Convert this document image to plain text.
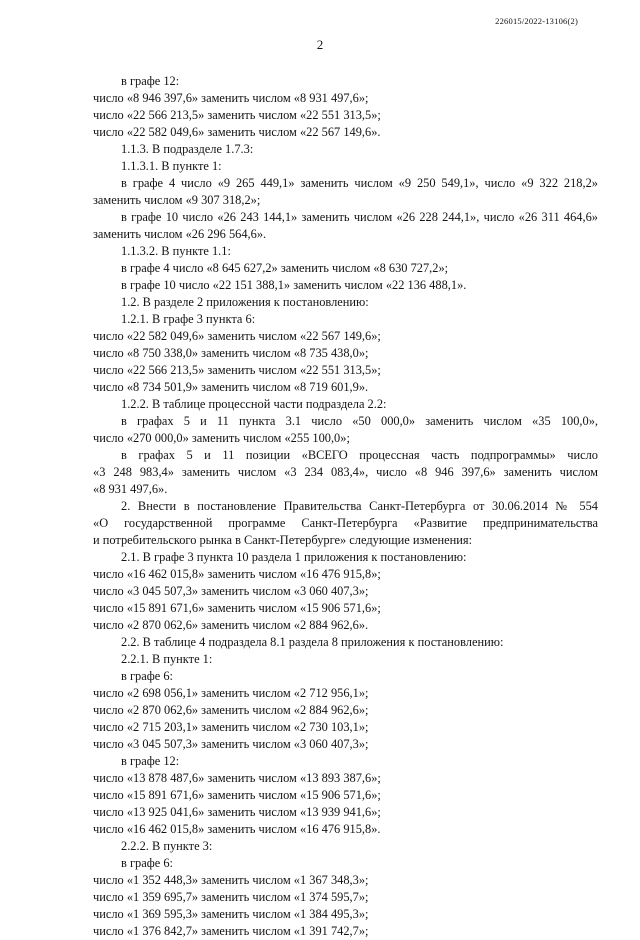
226015/2022-13106(2)
2
в графе 12:
число «8 946 397,6» заменить числом «8 931 497,6»;
число «22 566 213,5» заменить числом «22 551 313,5»;
число «22 582 049,6» заменить числом «22 567 149,6».
1.1.3. В подразделе 1.7.3:
1.1.3.1. В пункте 1:
в графе 4 число «9 265 449,1» заменить числом «9 250 549,1», число «9 322 218,2»
заменить числом «9 307 318,2»;
в графе 10 число «26 243 144,1» заменить числом «26 228 244,1», число «26 311 464,6»
заменить числом «26 296 564,6».
1.1.3.2. В пункте 1.1:
в графе 4 число «8 645 627,2» заменить числом «8 630 727,2»;
в графе 10 число «22 151 388,1» заменить числом «22 136 488,1».
1.2. В разделе 2 приложения к постановлению:
1.2.1. В графе 3 пункта 6:
число «22 582 049,6» заменить числом «22 567 149,6»;
число «8 750 338,0» заменить числом «8 735 438,0»;
число «22 566 213,5» заменить числом «22 551 313,5»;
число «8 734 501,9» заменить числом «8 719 601,9».
1.2.2. В таблице процессной части подраздела 2.2:
в графах 5 и 11 пункта 3.1 число «50 000,0» заменить числом «35 100,0»,
число «270 000,0» заменить числом «255 100,0»;
в графах 5 и 11 позиции «ВСЕГО процессная часть подпрограммы» число
«3 248 983,4» заменить числом «3 234 083,4», число «8 946 397,6» заменить числом
«8 931 497,6».
2. Внести в постановление Правительства Санкт-Петербурга от 30.06.2014 № 554
«О государственной программе Санкт-Петербурга «Развитие предпринимательства
и потребительского рынка в Санкт-Петербурге» следующие изменения:
2.1. В графе 3 пункта 10 раздела 1 приложения к постановлению:
число «16 462 015,8» заменить числом «16 476 915,8»;
число «3 045 507,3» заменить числом «3 060 407,3»;
число «15 891 671,6» заменить числом «15 906 571,6»;
число «2 870 062,6» заменить числом «2 884 962,6».
2.2. В таблице 4 подраздела 8.1 раздела 8 приложения к постановлению:
2.2.1. В пункте 1:
в графе 6:
число «2 698 056,1» заменить числом «2 712 956,1»;
число «2 870 062,6» заменить числом «2 884 962,6»;
число «2 715 203,1» заменить числом «2 730 103,1»;
число «3 045 507,3» заменить числом «3 060 407,3»;
в графе 12:
число «13 878 487,6» заменить числом «13 893 387,6»;
число «15 891 671,6» заменить числом «15 906 571,6»;
число «13 925 041,6» заменить числом «13 939 941,6»;
число «16 462 015,8» заменить числом «16 476 915,8».
2.2.2. В пункте 3:
в графе 6:
число «1 352 448,3» заменить числом «1 367 348,3»;
число «1 359 695,7» заменить числом «1 374 595,7»;
число «1 369 595,3» заменить числом «1 384 495,3»;
число «1 376 842,7» заменить числом «1 391 742,7»;
